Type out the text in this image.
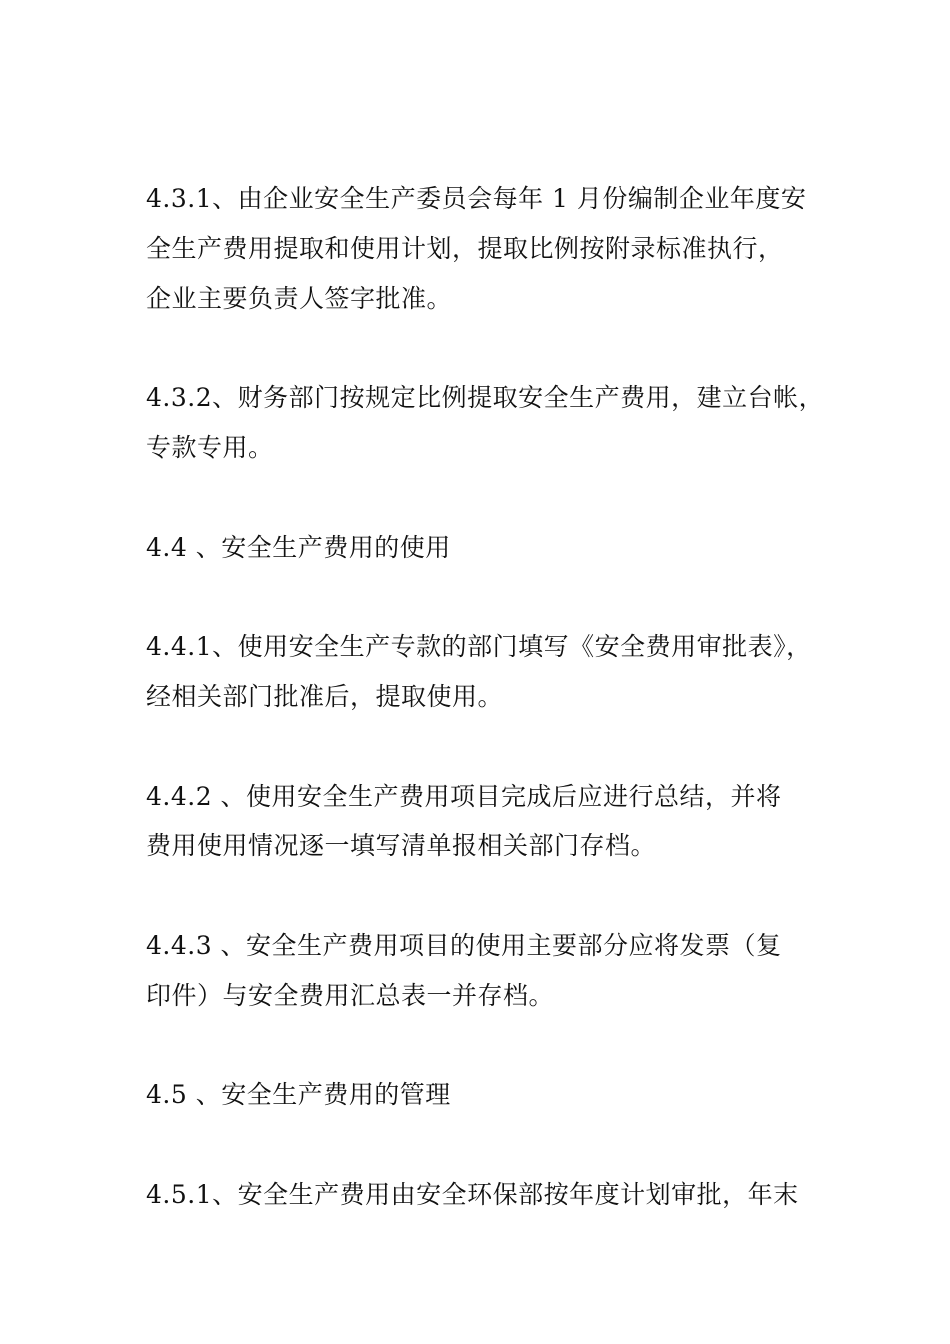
4.3.1、由企业安全生产委员会每年 1 月份编制企业年度安
全生产费用提取和使用计划，提取比例按附录标准执行，
企业主要负责人签字批准。
4.3.2、财务部门按规定比例提取安全生产费用，建立台帐，
专款专用。
4.4 、安全生产费用的使用
4.4.1、使用安全生产专款的部门填写《安全费用审批表》，
经相关部门批准后，提取使用。
4.4.2 、使用安全生产费用项目完成后应进行总结，并将
费用使用情况逐一填写清单报相关部门存档。
4.4.3 、安全生产费用项目的使用主要部分应将发票（复
印件）与安全费用汇总表一并存档。
4.5 、安全生产费用的管理
4.5.1、安全生产费用由安全环保部按年度计划审批，年末
